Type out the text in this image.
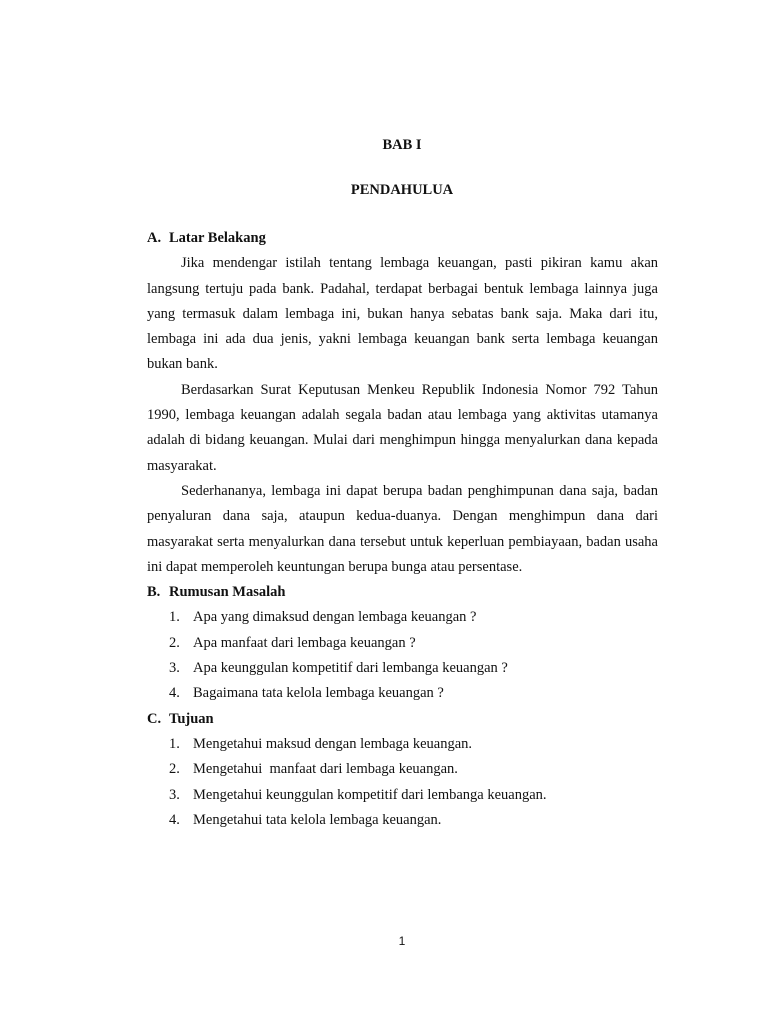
BAB I
PENDAHULUA
A. Latar Belakang

Jika mendengar istilah tentang lembaga keuangan, pasti pikiran kamu akan langsung tertuju pada bank. Padahal, terdapat berbagai bentuk lembaga lainnya juga yang termasuk dalam lembaga ini, bukan hanya sebatas bank saja. Maka dari itu, lembaga ini ada dua jenis, yakni lembaga keuangan bank serta lembaga keuangan bukan bank.

Berdasarkan Surat Keputusan Menkeu Republik Indonesia Nomor 792 Tahun 1990, lembaga keuangan adalah segala badan atau lembaga yang aktivitas utamanya adalah di bidang keuangan. Mulai dari menghimpun hingga menyalurkan dana kepada masyarakat.

Sederhananya, lembaga ini dapat berupa badan penghimpunan dana saja, badan penyaluran dana saja, ataupun kedua-duanya. Dengan menghimpun dana dari masyarakat serta menyalurkan dana tersebut untuk keperluan pembiayaan, badan usaha ini dapat memperoleh keuntungan berupa bunga atau persentase.

B. Rumusan Masalah
1. Apa yang dimaksud dengan lembaga keuangan ?
2. Apa manfaat dari lembaga keuangan ?
3. Apa keunggulan kompetitif dari lembanga keuangan ?
4. Bagaimana tata kelola lembaga keuangan ?
C. Tujuan
1. Mengetahui maksud dengan lembaga keuangan.
2. Mengetahui  manfaat dari lembaga keuangan.
3. Mengetahui keunggulan kompetitif dari lembanga keuangan.
4. Mengetahui tata kelola lembaga keuangan.
1
